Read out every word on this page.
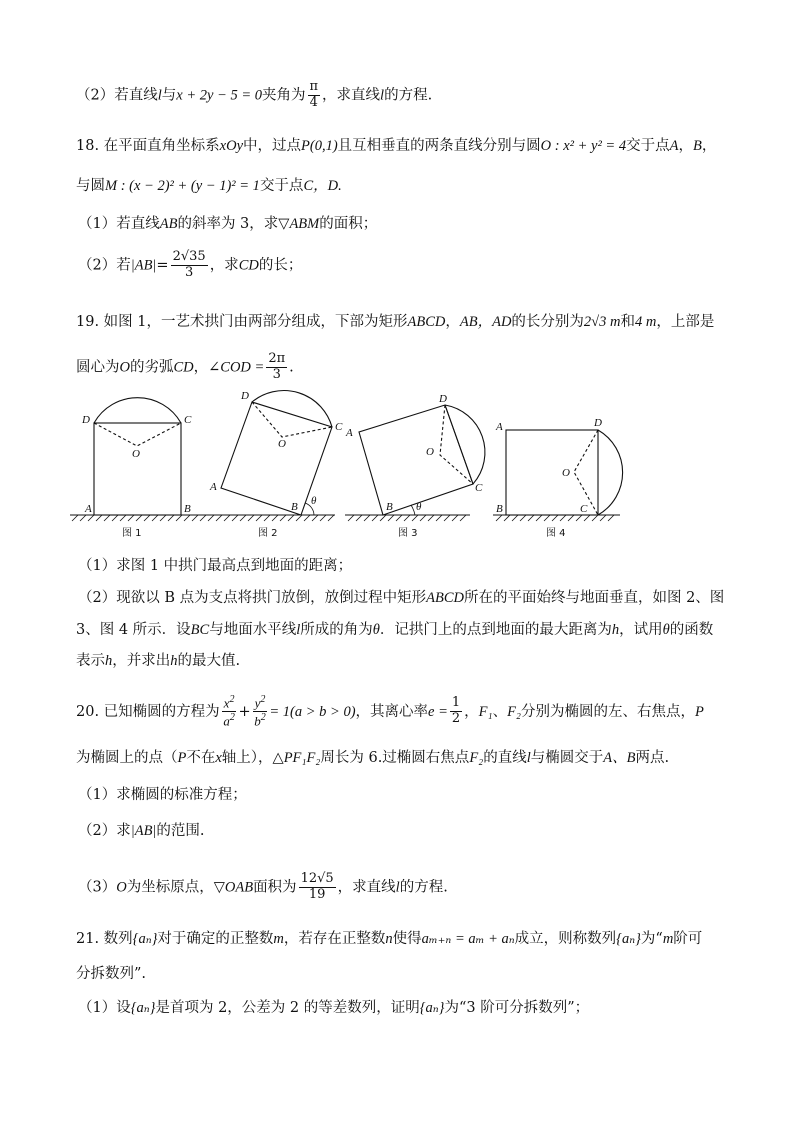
（2）若直线l与x + 2y − 5 = 0夹角为 $\frac{\pi}{4}$ ，求直线l的方程.
18. 在平面直角坐标系xOy中，过点P(0,1)且互相垂直的两条直线分别与圆O : x² + y² = 4交于点A，B，
与圆M : (x − 2)² + (y − 1)² = 1交于点C，D.
（1）若直线AB的斜率为 3，求▽ABM的面积；
（2）若$|AB|= \frac{2√35}{3}$ ，求CD的长；
19. 如图 1，一艺术拱门由两部分组成，下部为矩形ABCD，AB，AD的长分别为2√3 m和4 m，上部是
圆心为O的劣弧CD，∠COD = $\frac{2\pi}{3}$ .
D	C
O
A	B
图 1
D
C
O
A
B θ
图 2
A
D
O
C
B θ
图 3
A	D
O
C
B
图 4
（1）求图 1 中拱门最高点到地面的距离；
（2）现欲以 B 点为支点将拱门放倒，放倒过程中矩形ABCD所在的平面始终与地面垂直，如图 2、图
3、图 4 所示．设BC与地面水平线l所成的角为θ．记拱门上的点到地面的最大距离为h，试用θ的函数
表示h，并求出h的最大值.
20. 已知椭圆的方程为 $\frac{x^2}{a^2} + \frac{y^2}{b^2} = 1(a > b > 0)$，其离心率$e = \frac{1}{2}$ ，F₁、F₂分别为椭圆的左、右焦点，P
为椭圆上的点（P不在x轴上），△PF₁F₂周长为 6.过椭圆右焦点F₂的直线l与椭圆交于A、B两点.
（1）求椭圆的标准方程；
（2）求|AB|的范围.
（3）O为坐标原点，▽OAB面积为 $\frac{12√5}{19}$ ，求直线l的方程.
21. 数列{aₙ}对于确定的正整数m，若存在正整数n使得aₘ₊ₙ = aₘ + aₙ成立，则称数列{aₙ}为“m阶可
分拆数列”.
（1）设{aₙ}是首项为 2，公差为 2 的等差数列，证明{aₙ}为“3 阶可分拆数列”；
